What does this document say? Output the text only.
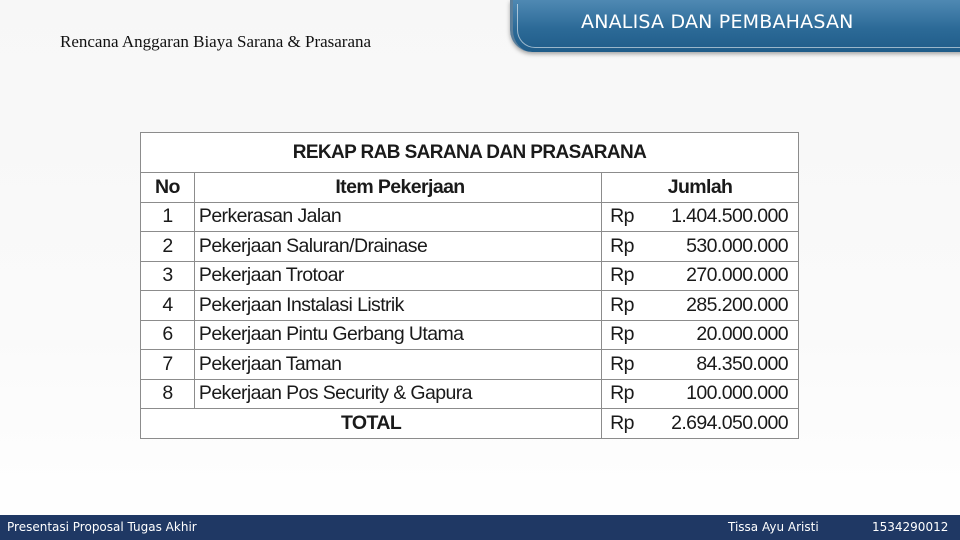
Rencana Anggaran Biaya Sarana & Prasarana
ANALISA DAN PEMBAHASAN
REKAP RAB SARANA DAN PRASARANA			
No	Item Pekerjaan	Jumlah	
1	Perkerasan Jalan	Rp	1.404.500.000
2	Pekerjaan Saluran/Drainase	Rp	530.000.000
3	Pekerjaan Trotoar	Rp	270.000.000
4	Pekerjaan Instalasi Listrik	Rp	285.200.000
6	Pekerjaan Pintu Gerbang Utama	Rp	20.000.000
7	Pekerjaan Taman	Rp	84.350.000
8	Pekerjaan Pos Security & Gapura	Rp	100.000.000
TOTAL		Rp	2.694.050.000
Presentasi Proposal Tugas Akhir	Tissa Ayu Aristi	1534290012
